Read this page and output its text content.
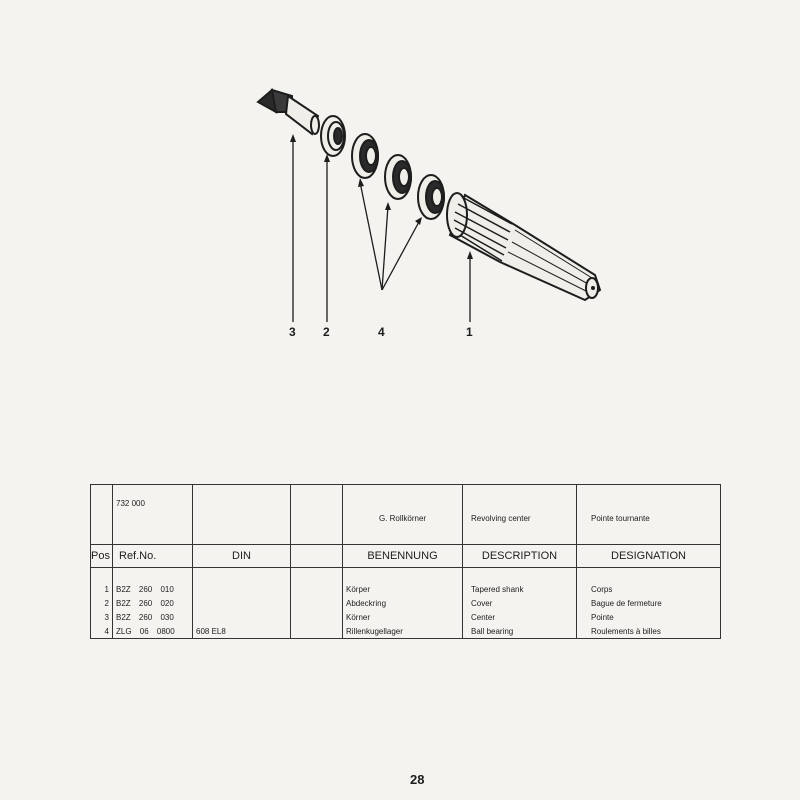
3 2	4	1
	732 000			G. Rollkörner	Revolving center	Pointe tournante
Pos	Ref.No.	DIN		BENENNUNG	DESCRIPTION	DESIGNATION

1	B2Z 260 010			Körper	Tapered shank	Corps
2	B2Z 260 020			Abdeckring	Cover	Bague de fermeture
3	B2Z 260 030			Körner	Center	Pointe
4	ZLG 06 0800	608 EL8		Rillenkugellager	Ball bearing	Roulements à billes
28
